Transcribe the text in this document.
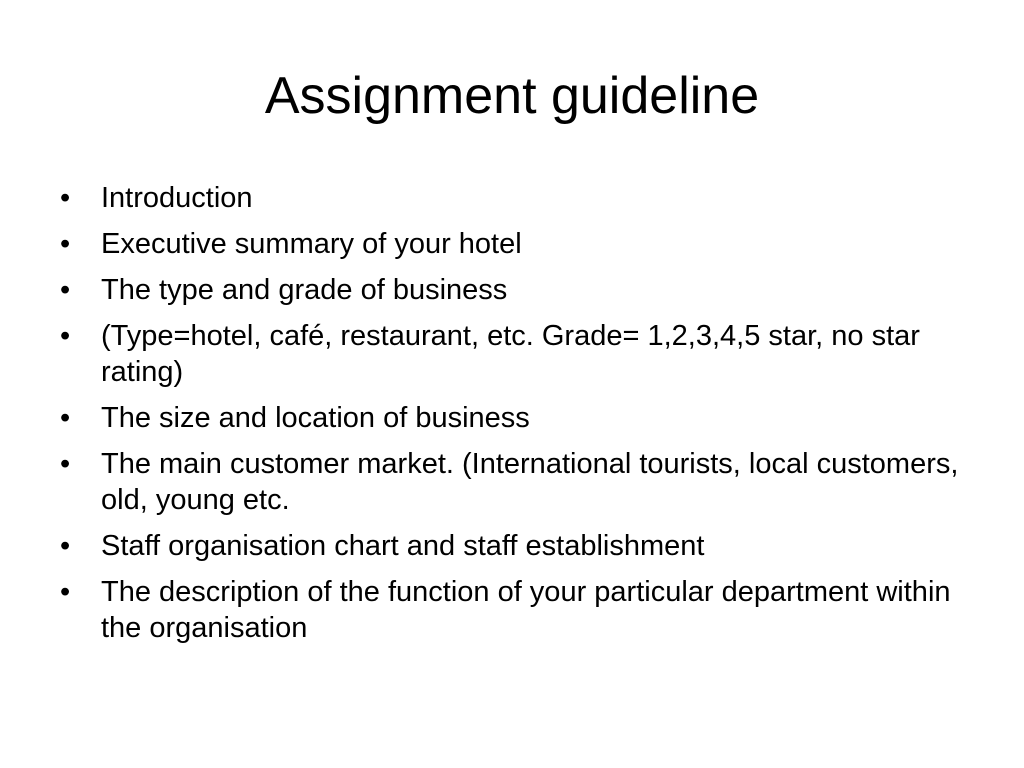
Assignment guideline
•	Introduction
•	Executive summary of your hotel
•	The type and grade of business
•	(Type=hotel, café, restaurant, etc. Grade= 1,2,3,4,5 star, no star rating)
•	The size and location of business
•	The main customer market. (International tourists, local customers, old, young etc.
•	Staff organisation chart and staff establishment
•	The description of the function of your particular department within the organisation
